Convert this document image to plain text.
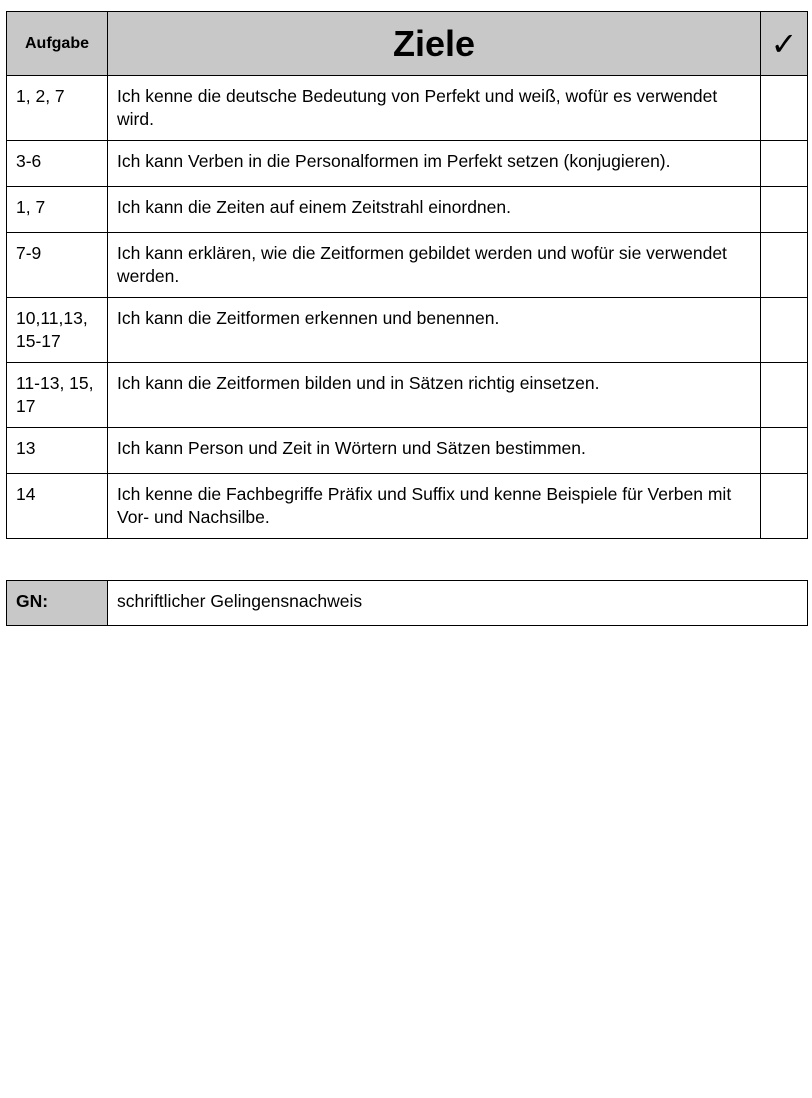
Aufgabe	Ziele	✓
1, 2, 7	Ich kenne die deutsche Bedeutung von Perfekt und weiß, wofür es verwendet wird.	
3-6	Ich kann Verben in die Personalformen im Perfekt setzen (konjugieren).	
1, 7	Ich kann die Zeiten auf einem Zeitstrahl einordnen.	
7-9	Ich kann erklären, wie die Zeitformen gebildet werden und wofür sie verwendet werden.	
10,11,13, 15-17	Ich kann die Zeitformen erkennen und benennen.	
11-13, 15, 17	Ich kann die Zeitformen bilden und in Sätzen richtig einsetzen.	
13	Ich kann Person und Zeit in Wörtern und Sätzen bestimmen.	
14	Ich kenne die Fachbegriffe Präfix und Suffix und kenne Beispiele für Verben mit Vor- und Nachsilbe.	
GN:	schriftlicher Gelingensnachweis
